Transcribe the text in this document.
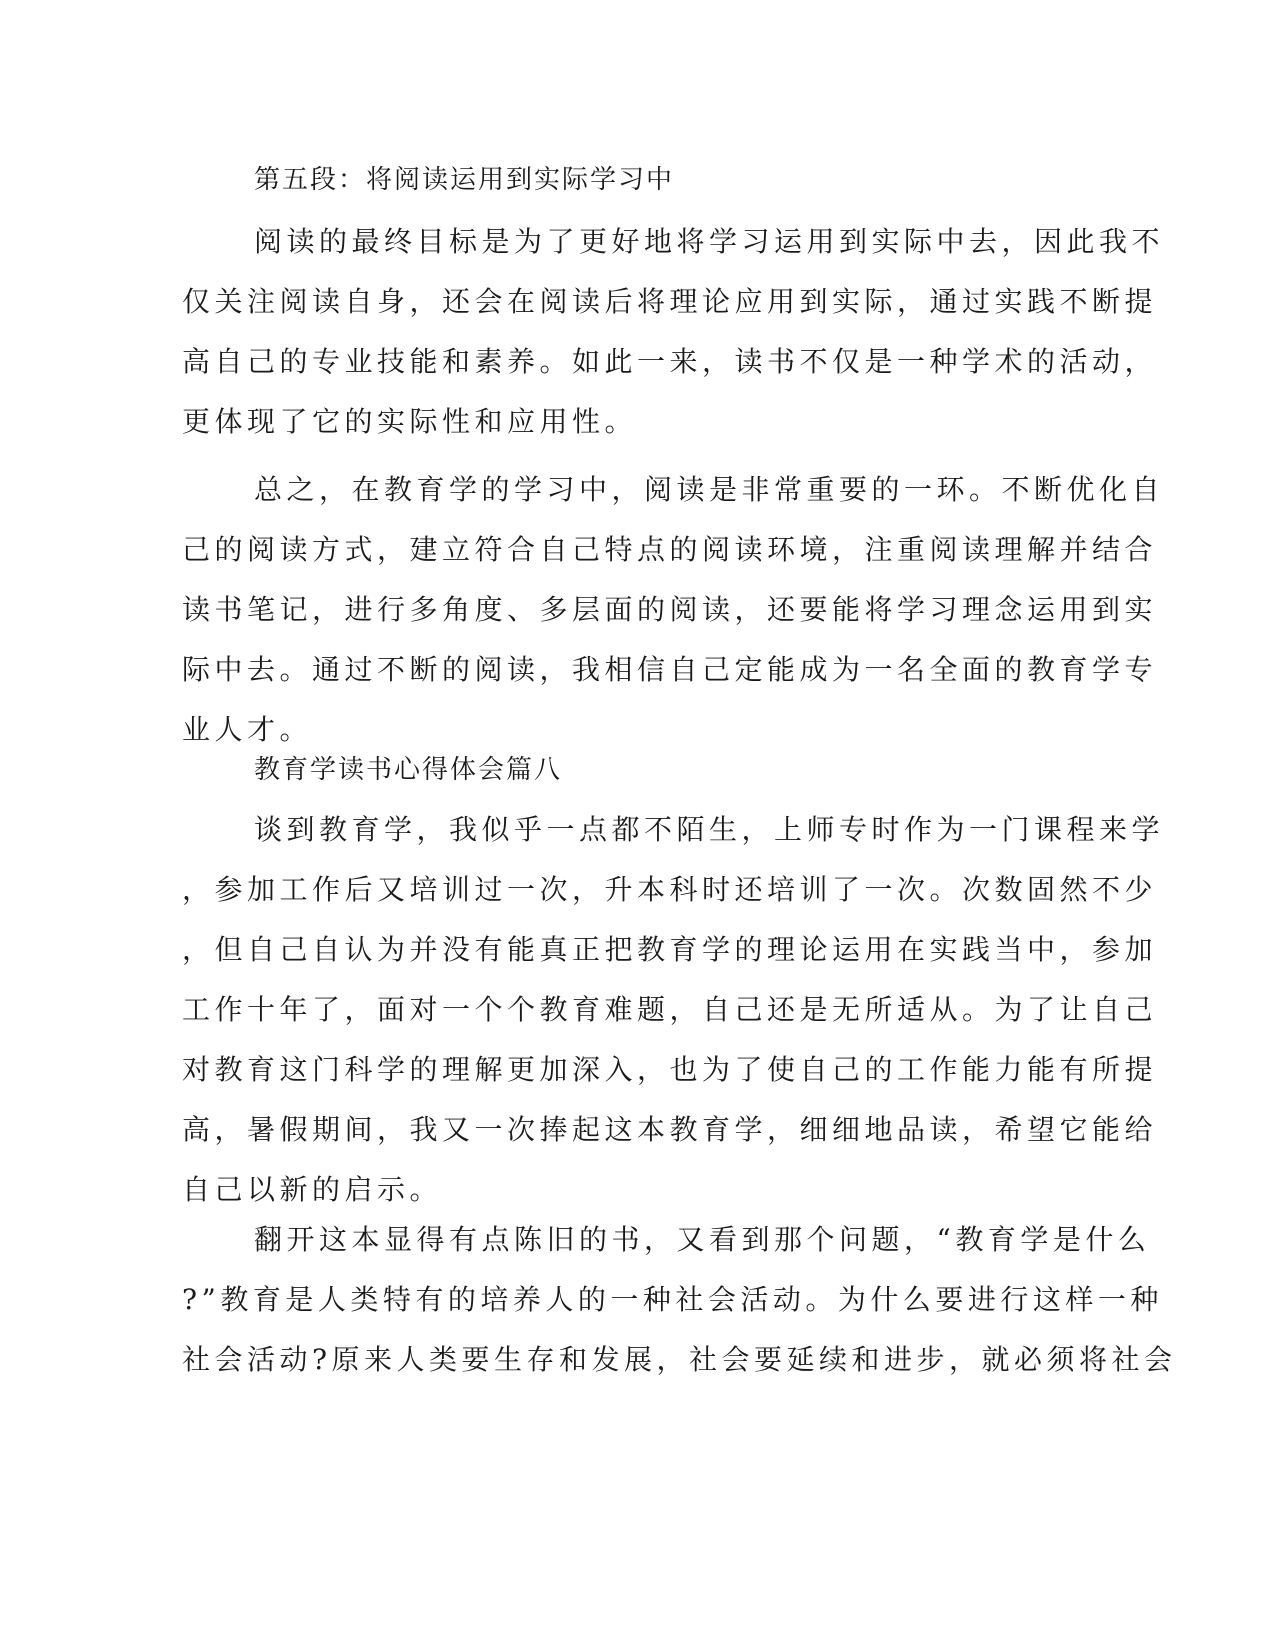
第五段：将阅读运用到实际学习中
阅读的最终目标是为了更好地将学习运用到实际中去，因此我不
仅关注阅读自身，还会在阅读后将理论应用到实际，通过实践不断提
高自己的专业技能和素养。如此一来，读书不仅是一种学术的活动，
更体现了它的实际性和应用性。
总之，在教育学的学习中，阅读是非常重要的一环。不断优化自
己的阅读方式，建立符合自己特点的阅读环境，注重阅读理解并结合
读书笔记，进行多角度、多层面的阅读，还要能将学习理念运用到实
际中去。通过不断的阅读，我相信自己定能成为一名全面的教育学专
业人才。
教育学读书心得体会篇八
谈到教育学，我似乎一点都不陌生，上师专时作为一门课程来学
，参加工作后又培训过一次，升本科时还培训了一次。次数固然不少
，但自己自认为并没有能真正把教育学的理论运用在实践当中，参加
工作十年了，面对一个个教育难题，自己还是无所适从。为了让自己
对教育这门科学的理解更加深入，也为了使自己的工作能力能有所提
高，暑假期间，我又一次捧起这本教育学，细细地品读，希望它能给
自己以新的启示。
翻开这本显得有点陈旧的书，又看到那个问题，“教育学是什么
?”教育是人类特有的培养人的一种社会活动。为什么要进行这样一种
社会活动?原来人类要生存和发展，社会要延续和进步，就必须将社会
